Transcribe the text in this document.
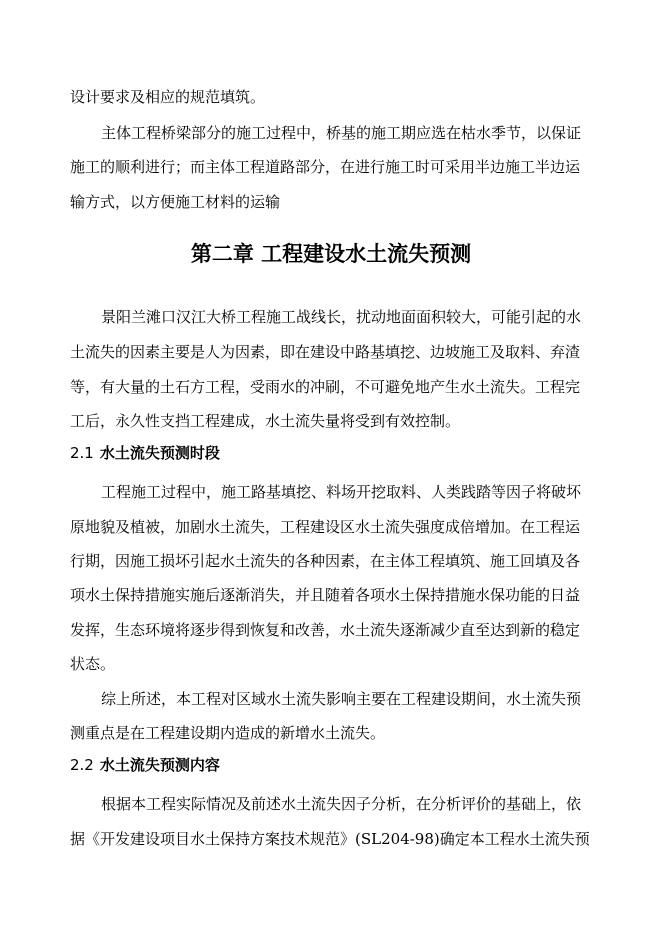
设计要求及相应的规范填筑。
主体工程桥梁部分的施工过程中，桥基的施工期应选在枯水季节，以保证
施工的顺利进行；而主体工程道路部分，在进行施工时可采用半边施工半边运
输方式，以方便施工材料的运输
第二章 工程建设水土流失预测
景阳兰滩口汉江大桥工程施工战线长，扰动地面面积较大，可能引起的水
土流失的因素主要是人为因素，即在建设中路基填挖、边坡施工及取料、弃渣
等，有大量的土石方工程，受雨水的冲刷，不可避免地产生水土流失。工程完
工后，永久性支挡工程建成，水土流失量将受到有效控制。
2.1 水土流失预测时段
工程施工过程中，施工路基填挖、料场开挖取料、人类践踏等因子将破坏
原地貌及植被，加剧水土流失，工程建设区水土流失强度成倍增加。在工程运
行期，因施工损坏引起水土流失的各种因素，在主体工程填筑、施工回填及各
项水土保持措施实施后逐渐消失，并且随着各项水土保持措施水保功能的日益
发挥，生态环境将逐步得到恢复和改善，水土流失逐渐减少直至达到新的稳定
状态。
综上所述，本工程对区域水土流失影响主要在工程建设期间，水土流失预
测重点是在工程建设期内造成的新增水土流失。
2.2 水土流失预测内容
根据本工程实际情况及前述水土流失因子分析，在分析评价的基础上，依
据《开发建设项目水土保持方案技术规范》(SL204-98)确定本工程水土流失预
